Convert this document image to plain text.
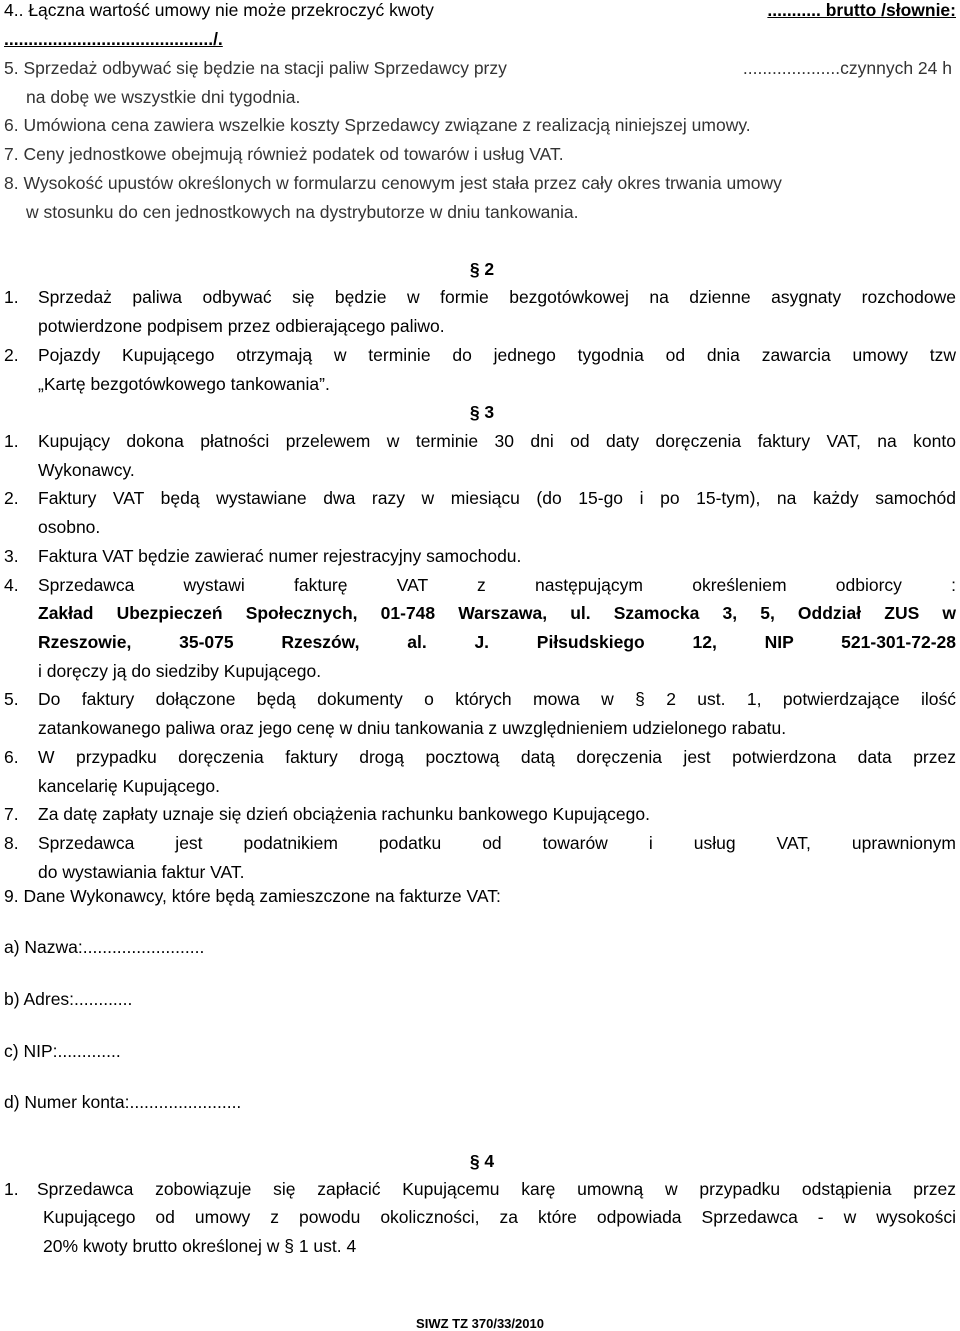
4.. Łączna wartość umowy nie może przekroczyć kwoty	........... brutto /słownie:
.........................................../.
5. Sprzedaż odbywać się będzie na stacji paliw Sprzedawcy przy	....................czynnych 24 h
na dobę we wszystkie dni tygodnia.
6. Umówiona cena zawiera wszelkie koszty Sprzedawcy związane z realizacją niniejszej umowy.
7. Ceny jednostkowe obejmują również podatek od towarów i usług VAT.
8. Wysokość upustów określonych w formularzu cenowym jest stała przez cały okres trwania umowy
w stosunku do cen jednostkowych na dystrybutorze w dniu tankowania.
§ 2
1. Sprzedaż paliwa odbywać się będzie w formie bezgotówkowej na dzienne asygnaty rozchodowe
potwierdzone podpisem przez odbierającego paliwo.
2. Pojazdy Kupującego otrzymają w terminie do jednego tygodnia od dnia zawarcia umowy tzw
„Kartę bezgotówkowego tankowania”.
§ 3
1. Kupujący dokona płatności przelewem w terminie 30 dni od daty doręczenia faktury VAT, na konto
Wykonawcy.
2. Faktury VAT będą wystawiane dwa razy w miesiącu (do 15-go i po 15-tym), na każdy samochód
osobno.
3. Faktura VAT będzie zawierać numer rejestracyjny samochodu.
4. Sprzedawca wystawi fakturę VAT z następującym określeniem odbiorcy :
Zakład Ubezpieczeń Społecznych, 01-748 Warszawa, ul. Szamocka 3, 5, Oddział ZUS w
Rzeszowie, 35-075 Rzeszów, al. J. Piłsudskiego 12, NIP 521-301-72-28
i doręczy ją do siedziby Kupującego.
5. Do faktury dołączone będą dokumenty o których mowa w § 2 ust. 1, potwierdzające ilość
zatankowanego paliwa oraz jego cenę w dniu tankowania z uwzględnieniem udzielonego rabatu.
6. W przypadku doręczenia faktury drogą pocztową datą doręczenia jest potwierdzona data przez
kancelarię Kupującego.
7. Za datę zapłaty uznaje się dzień obciążenia rachunku bankowego Kupującego.
8. Sprzedawca jest podatnikiem podatku od towarów i usług VAT, uprawnionym
do wystawiania faktur VAT.
9. Dane Wykonawcy, które będą zamieszczone na fakturze VAT:
a) Nazwa:.........................
b) Adres:............
c) NIP:.............
d) Numer konta:.......................
§ 4
1. Sprzedawca zobowiązuje się zapłacić Kupującemu karę umowną w przypadku odstąpienia przez
Kupującego od umowy z powodu okoliczności, za które odpowiada Sprzedawca - w wysokości
20% kwoty brutto określonej w § 1 ust. 4
SIWZ TZ 370/33/2010
